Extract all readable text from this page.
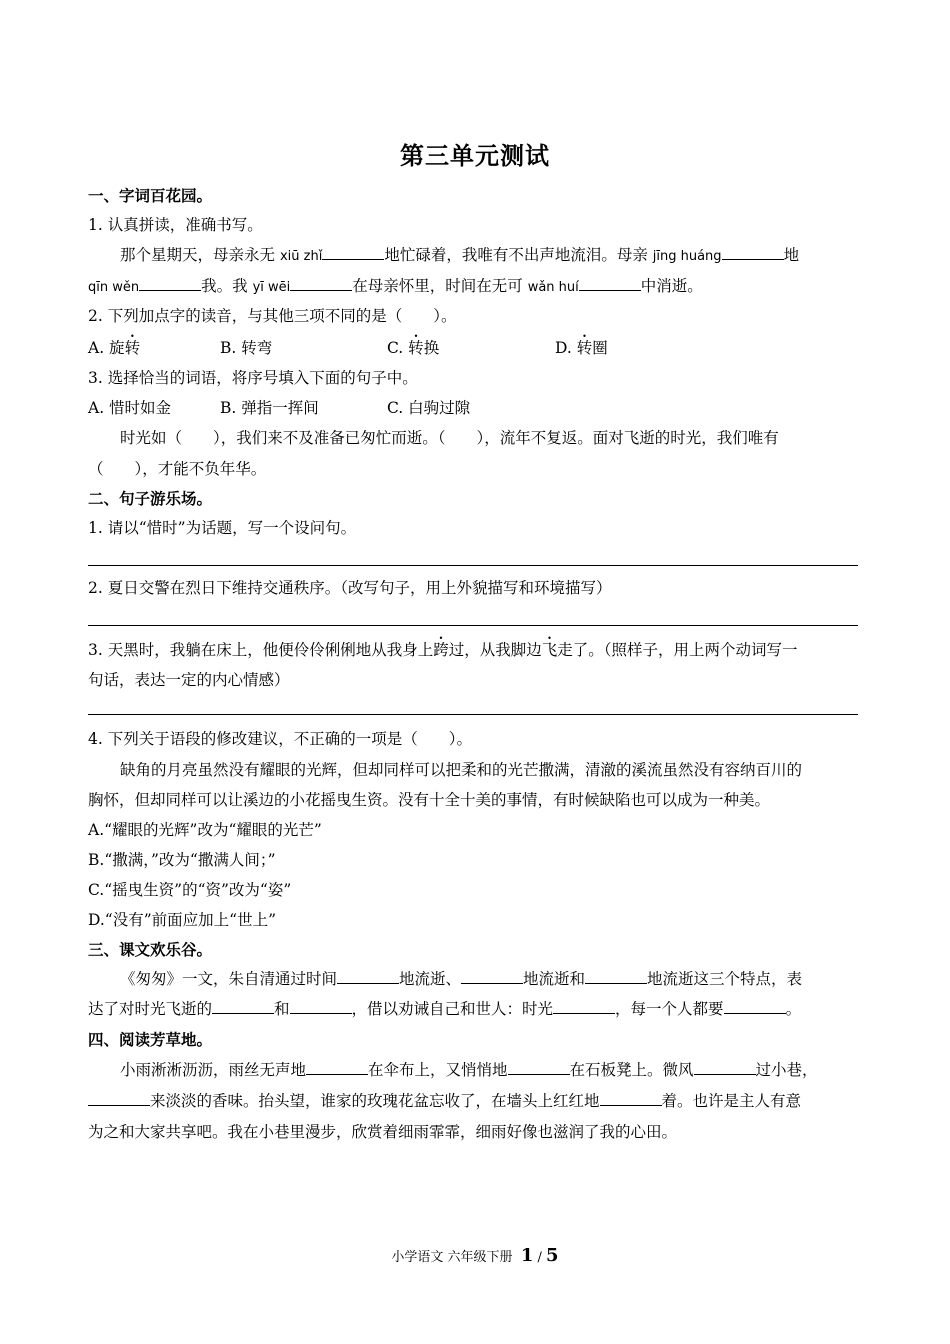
第三单元测试
一、字词百花园。
1. 认真拼读，准确书写。
那个星期天，母亲永无 xiū zhǐ	地忙碌着，我唯有不出声地流泪。母亲 jīng huáng	地
qīn wěn	我。我 yī wēi	在母亲怀里，时间在无可 wǎn huí	中消逝。
2. 下列加点字的读音，与其他三项不同的是（　　）。
A. 旋转	B. 转弯	C. 转换	D. 转圈
3. 选择恰当的词语，将序号填入下面的句子中。
A. 惜时如金	B. 弹指一挥间	C. 白驹过隙
时光如（　　），我们来不及准备已匆忙而逝。（　　），流年不复返。面对飞逝的时光，我们唯有
（　　），才能不负年华。
二、句子游乐场。
1. 请以“惜时”为话题，写一个设问句。
2. 夏日交警在烈日下维持交通秩序。（改写句子，用上外貌描写和环境描写）
3. 天黑时，我躺在床上，他便伶伶俐俐地从我身上跨过，从我脚边飞走了。（照样子，用上两个动词写一
句话，表达一定的内心情感）
4. 下列关于语段的修改建议，不正确的一项是（　　）。
缺角的月亮虽然没有耀眼的光辉，但却同样可以把柔和的光芒撒满，清澈的溪流虽然没有容纳百川的
胸怀，但却同样可以让溪边的小花摇曳生资。没有十全十美的事情，有时候缺陷也可以成为一种美。
A.“耀眼的光辉”改为“耀眼的光芒”
B.“撒满，”改为“撒满人间；”
C.“摇曳生资”的“资”改为“姿”
D.“没有”前面应加上“世上”
三、课文欢乐谷。
《匆匆》一文，朱自清通过时间	地流逝、	地流逝和	地流逝这三个特点，表
达了对时光飞逝的	和	，借以劝诫自己和世人：时光	，每一个人都要	。
四、阅读芳草地。
小雨淅淅沥沥，雨丝无声地	在伞布上，又悄悄地	在石板凳上。微风	过小巷，
来淡淡的香味。抬头望，谁家的玫瑰花盆忘收了，在墙头上红红地	着。也许是主人有意
为之和大家共享吧。我在小巷里漫步，欣赏着细雨霏霏，细雨好像也滋润了我的心田。
小学语文 六年级下册 1 / 5
